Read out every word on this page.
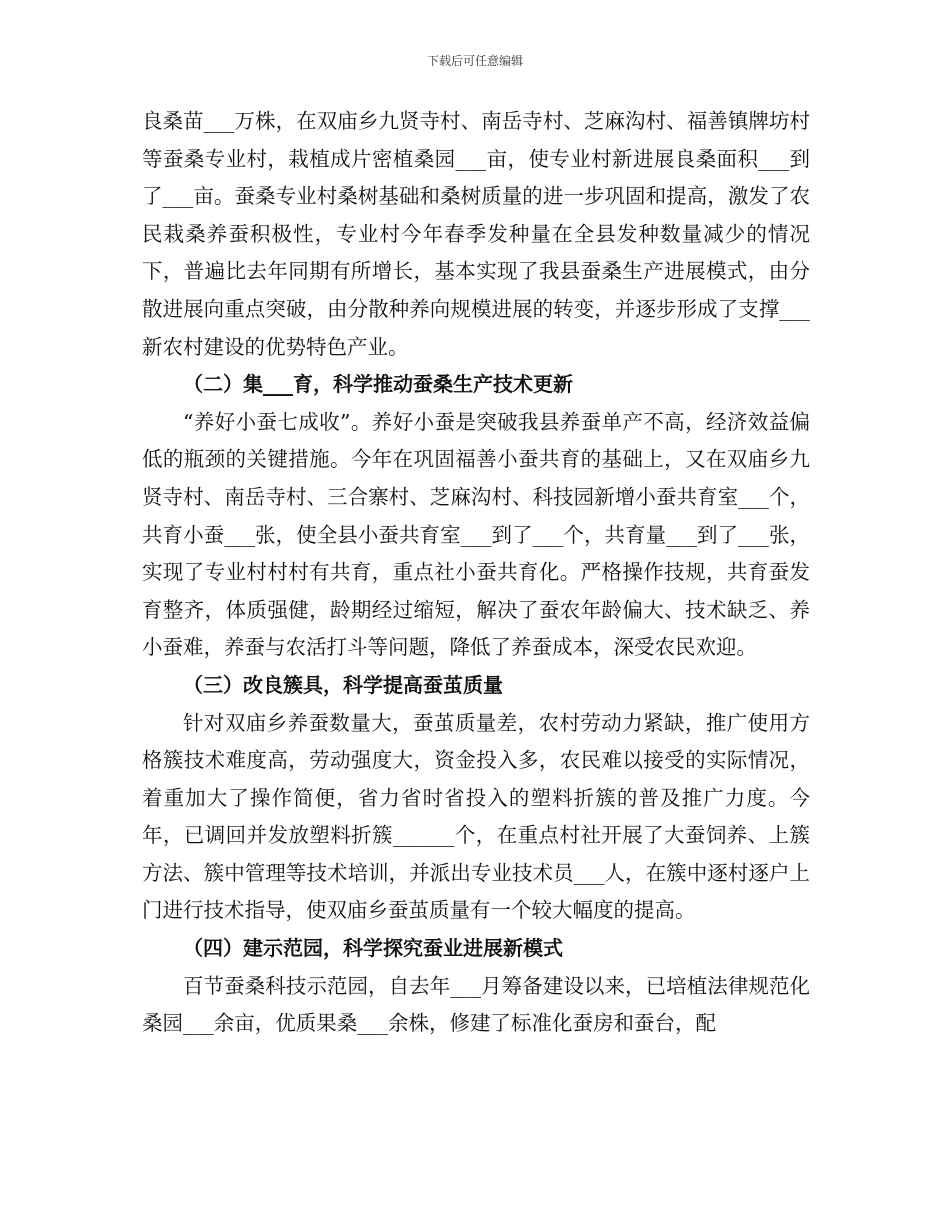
下载后可任意编辑

良桑苗___万株，在双庙乡九贤寺村、南岳寺村、芝麻沟村、福善镇牌坊村等蚕桑专业村，栽植成片密植桑园___亩，使专业村新进展良桑面积___到了___亩。蚕桑专业村桑树基础和桑树质量的进一步巩固和提高，激发了农民栽桑养蚕积极性，专业村今年春季发种量在全县发种数量减少的情况下，普遍比去年同期有所增长，基本实现了我县蚕桑生产进展模式，由分散进展向重点突破，由分散种养向规模进展的转变，并逐步形成了支撑___新农村建设的优势特色产业。

（二）集___育，科学推动蚕桑生产技术更新

“养好小蚕七成收”。养好小蚕是突破我县养蚕单产不高，经济效益偏低的瓶颈的关键措施。今年在巩固福善小蚕共育的基础上，又在双庙乡九贤寺村、南岳寺村、三合寨村、芝麻沟村、科技园新增小蚕共育室___个，共育小蚕___张，使全县小蚕共育室___到了___个，共育量___到了___张，实现了专业村村村有共育，重点社小蚕共育化。严格操作技规，共育蚕发育整齐，体质强健，龄期经过缩短，解决了蚕农年龄偏大、技术缺乏、养小蚕难，养蚕与农活打斗等问题，降低了养蚕成本，深受农民欢迎。

（三）改良簇具，科学提高蚕茧质量

针对双庙乡养蚕数量大，蚕茧质量差，农村劳动力紧缺，推广使用方格簇技术难度高，劳动强度大，资金投入多，农民难以接受的实际情况，着重加大了操作简便，省力省时省投入的塑料折簇的普及推广力度。今年，已调回并发放塑料折簇______个，在重点村社开展了大蚕饲养、上簇方法、簇中管理等技术培训，并派出专业技术员___人，在簇中逐村逐户上门进行技术指导，使双庙乡蚕茧质量有一个较大幅度的提高。

（四）建示范园，科学探究蚕业进展新模式

百节蚕桑科技示范园，自去年___月筹备建设以来，已培植法律规范化桑园___余亩，优质果桑___余株，修建了标准化蚕房和蚕台，配
